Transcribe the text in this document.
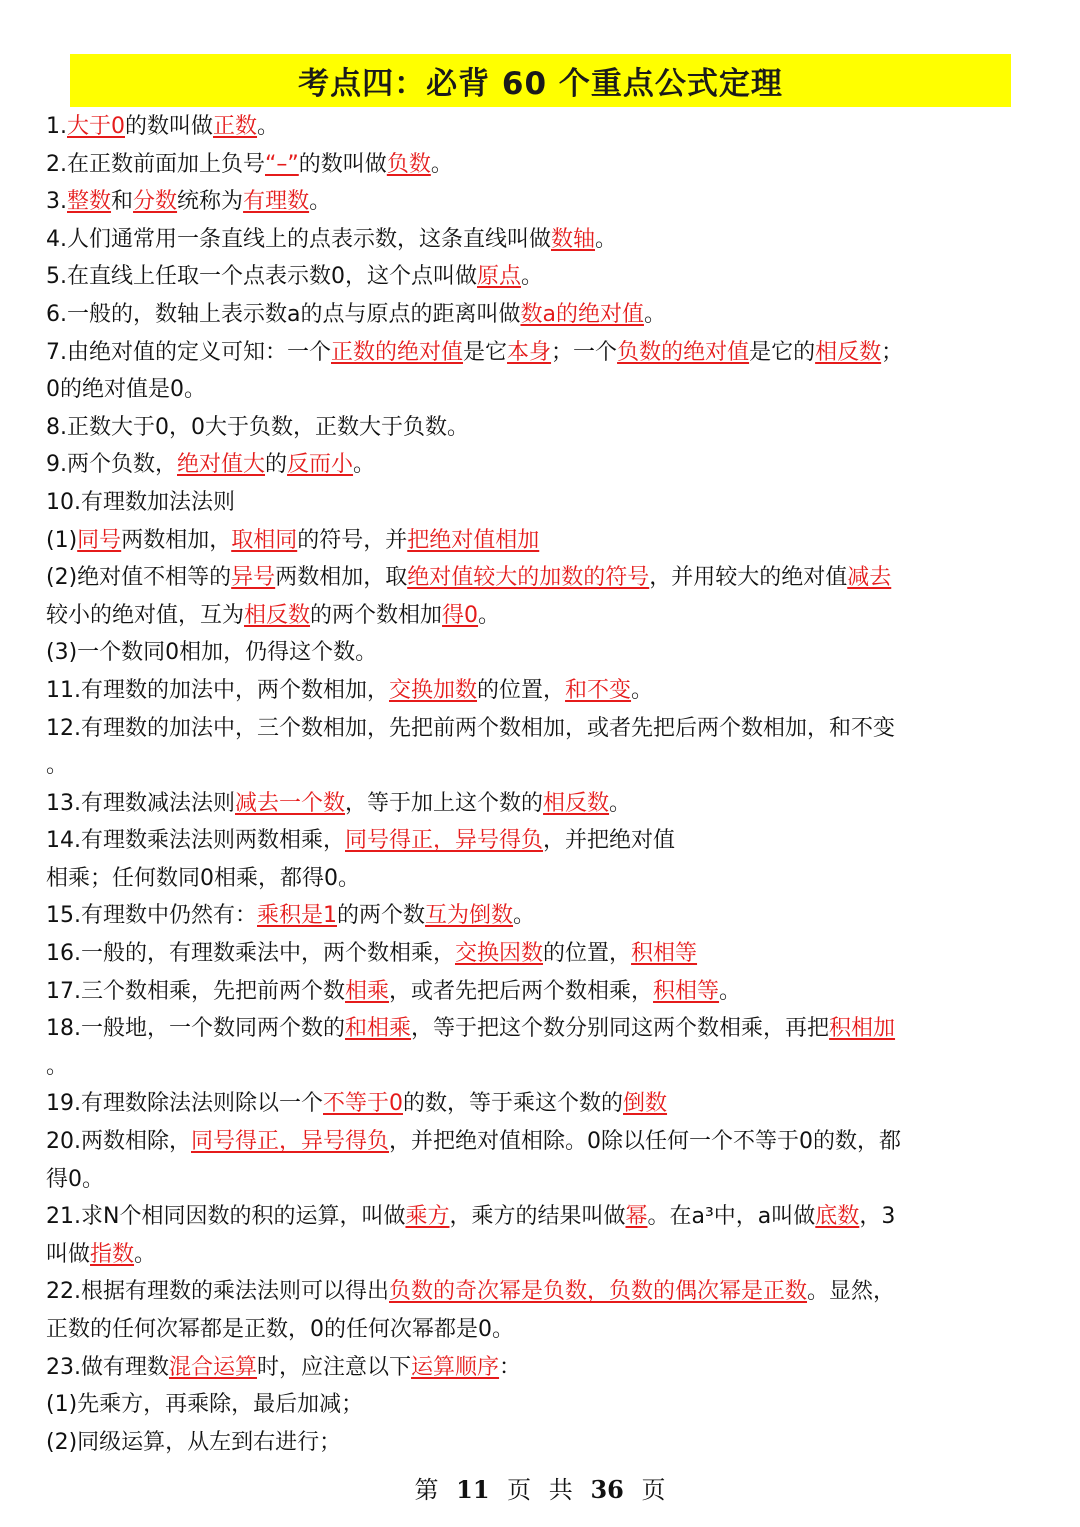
考点四：必背 60 个重点公式定理
1.大于0的数叫做正数。
2.在正数前面加上负号“–”的数叫做负数。
3.整数和分数统称为有理数。
4.人们通常用一条直线上的点表示数，这条直线叫做数轴。
5.在直线上任取一个点表示数0，这个点叫做原点。
6.一般的，数轴上表示数a的点与原点的距离叫做数a的绝对值。
7.由绝对值的定义可知：一个正数的绝对值是它本身；一个负数的绝对值是它的相反数；
0的绝对值是0。
8.正数大于0，0大于负数，正数大于负数。
9.两个负数，绝对值大的反而小。
10.有理数加法法则
(1)同号两数相加，取相同的符号，并把绝对值相加
(2)绝对值不相等的异号两数相加，取绝对值较大的加数的符号，并用较大的绝对值减去
较小的绝对值，互为相反数的两个数相加得0。
(3)一个数同0相加，仍得这个数。
11.有理数的加法中，两个数相加，交换加数的位置，和不变。
12.有理数的加法中，三个数相加，先把前两个数相加，或者先把后两个数相加，和不变
。
13.有理数减法法则减去一个数，等于加上这个数的相反数。
14.有理数乘法法则两数相乘，同号得正，异号得负，并把绝对值
相乘；任何数同0相乘，都得0。
15.有理数中仍然有：乘积是1的两个数互为倒数。
16.一般的，有理数乘法中，两个数相乘，交换因数的位置，积相等
17.三个数相乘，先把前两个数相乘，或者先把后两个数相乘，积相等。
18.一般地，一个数同两个数的和相乘，等于把这个数分别同这两个数相乘，再把积相加
。
19.有理数除法法则除以一个不等于0的数，等于乘这个数的倒数
20.两数相除，同号得正，异号得负，并把绝对值相除。0除以任何一个不等于0的数，都
得0。
21.求N个相同因数的积的运算，叫做乘方，乘方的结果叫做幂。在a³中，a叫做底数，3
叫做指数。
22.根据有理数的乘法法则可以得出负数的奇次幂是负数，负数的偶次幂是正数。显然，
正数的任何次幂都是正数，0的任何次幂都是0。
23.做有理数混合运算时，应注意以下运算顺序：
(1)先乘方，再乘除，最后加减；
(2)同级运算，从左到右进行；
第 11 页 共 36 页
